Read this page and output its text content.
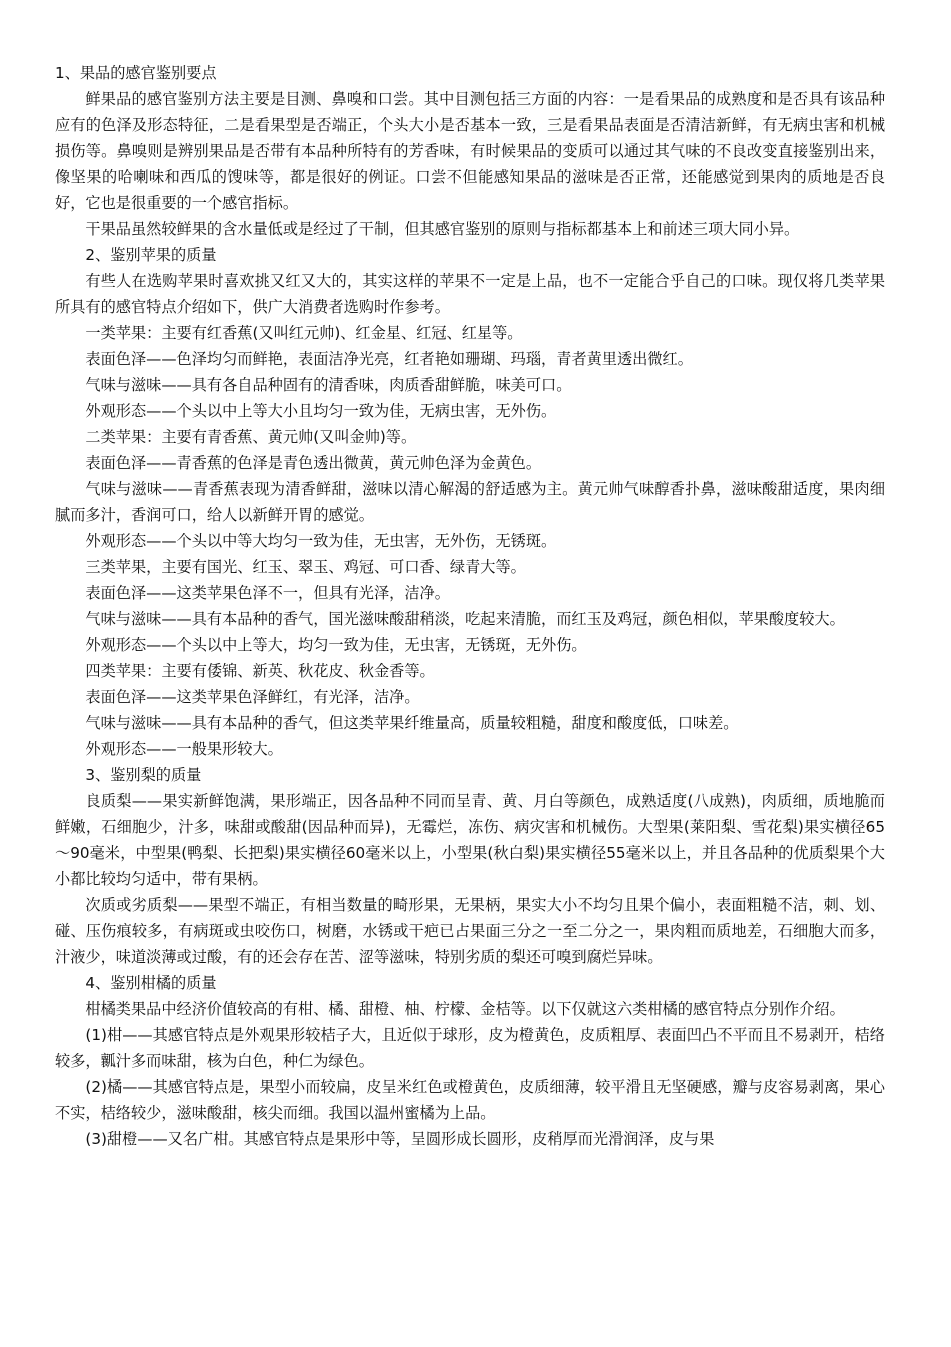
1、果品的感官鉴别要点

鲜果品的感官鉴别方法主要是目测、鼻嗅和口尝。其中目测包括三方面的内容：一是看果品的成熟度和是否具有该品种应有的色泽及形态特征，二是看果型是否端正，个头大小是否基本一致，三是看果品表面是否清洁新鲜，有无病虫害和机械损伤等。鼻嗅则是辨别果品是否带有本品种所特有的芳香味，有时候果品的变质可以通过其气味的不良改变直接鉴别出来，像坚果的哈喇味和西瓜的馊味等，都是很好的例证。口尝不但能感知果品的滋味是否正常，还能感觉到果肉的质地是否良好，它也是很重要的一个感官指标。

干果品虽然较鲜果的含水量低或是经过了干制，但其感官鉴别的原则与指标都基本上和前述三项大同小异。

2、鉴别苹果的质量

有些人在选购苹果时喜欢挑又红又大的，其实这样的苹果不一定是上品，也不一定能合乎自己的口味。现仅将几类苹果所具有的感官特点介绍如下，供广大消费者选购时作参考。

一类苹果：主要有红香蕉(又叫红元帅)、红金星、红冠、红星等。

表面色泽——色泽均匀而鲜艳，表面洁净光亮，红者艳如珊瑚、玛瑙，青者黄里透出微红。

气味与滋味——具有各自品种固有的清香味，肉质香甜鲜脆，味美可口。

外观形态——个头以中上等大小且均匀一致为佳，无病虫害，无外伤。

二类苹果：主要有青香蕉、黄元帅(又叫金帅)等。

表面色泽——青香蕉的色泽是青色透出微黄，黄元帅色泽为金黄色。

气味与滋味——青香蕉表现为清香鲜甜，滋味以清心解渴的舒适感为主。黄元帅气味醇香扑鼻，滋味酸甜适度，果肉细腻而多汁，香润可口，给人以新鲜开胃的感觉。

外观形态——个头以中等大均匀一致为佳，无虫害，无外伤，无锈斑。

三类苹果，主要有国光、红玉、翠玉、鸡冠、可口香、绿青大等。

表面色泽——这类苹果色泽不一，但具有光泽，洁净。

气味与滋味——具有本品种的香气，国光滋味酸甜稍淡，吃起来清脆，而红玉及鸡冠，颜色相似，苹果酸度较大。

外观形态——个头以中上等大，均匀一致为佳，无虫害，无锈斑，无外伤。

四类苹果：主要有倭锦、新英、秋花皮、秋金香等。

表面色泽——这类苹果色泽鲜红，有光泽，洁净。

气味与滋味——具有本品种的香气，但这类苹果纤维量高，质量较粗糙，甜度和酸度低，口味差。

外观形态——一般果形较大。

3、鉴别梨的质量

良质梨——果实新鲜饱满，果形端正，因各品种不同而呈青、黄、月白等颜色，成熟适度(八成熟)，肉质细，质地脆而鲜嫩，石细胞少，汁多，味甜或酸甜(因品种而异)，无霉烂，冻伤、病灾害和机械伤。大型果(莱阳梨、雪花梨)果实横径65～90毫米，中型果(鸭梨、长把梨)果实横径60毫米以上，小型果(秋白梨)果实横径55毫米以上，并且各品种的优质梨果个大小都比较均匀适中，带有果柄。

次质或劣质梨——果型不端正，有相当数量的畸形果，无果柄，果实大小不均匀且果个偏小，表面粗糙不洁，刺、划、碰、压伤痕较多，有病斑或虫咬伤口，树磨，水锈或干疤已占果面三分之一至二分之一，果肉粗而质地差，石细胞大而多，汁液少，味道淡薄或过酸，有的还会存在苦、涩等滋味，特别劣质的梨还可嗅到腐烂异味。

4、鉴别柑橘的质量

柑橘类果品中经济价值较高的有柑、橘、甜橙、柚、柠檬、金桔等。以下仅就这六类柑橘的感官特点分别作介绍。

(1)柑——其感官特点是外观果形较桔子大，且近似于球形，皮为橙黄色，皮质粗厚、表面凹凸不平而且不易剥开，桔络较多，瓤汁多而味甜，核为白色，种仁为绿色。

(2)橘——其感官特点是，果型小而较扁，皮呈米红色或橙黄色，皮质细薄，较平滑且无坚硬感，瓣与皮容易剥离，果心不实，桔络较少，滋味酸甜，核尖而细。我国以温州蜜橘为上品。

(3)甜橙——又名广柑。其感官特点是果形中等，呈圆形成长圆形，皮稍厚而光滑润泽，皮与果
